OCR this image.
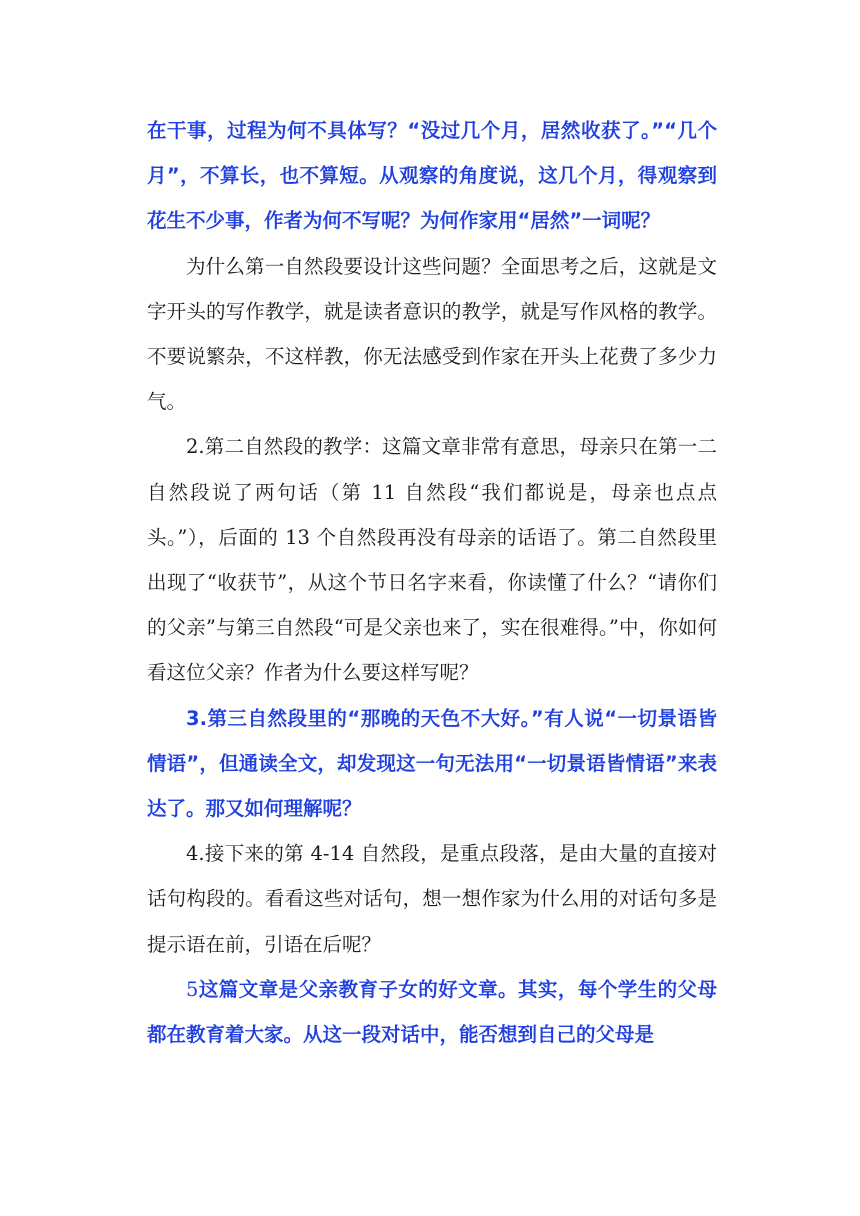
在干事，过程为何不具体写？“没过几个月，居然收获了。”“几个月”，不算长，也不算短。从观察的角度说，这几个月，得观察到花生不少事，作者为何不写呢？为何作家用“居然”一词呢？

为什么第一自然段要设计这些问题？全面思考之后，这就是文字开头的写作教学，就是读者意识的教学，就是写作风格的教学。不要说繁杂，不这样教，你无法感受到作家在开头上花费了多少力气。

2.第二自然段的教学：这篇文章非常有意思，母亲只在第一二自然段说了两句话（第 11 自然段“我们都说是，母亲也点点头。”），后面的 13 个自然段再没有母亲的话语了。第二自然段里出现了“收获节”，从这个节日名字来看，你读懂了什么？“请你们的父亲”与第三自然段“可是父亲也来了，实在很难得。”中，你如何看这位父亲？作者为什么要这样写呢？

3.第三自然段里的“那晚的天色不大好。”有人说“一切景语皆情语”，但通读全文，却发现这一句无法用“一切景语皆情语”来表达了。那又如何理解呢？

4.接下来的第 4-14 自然段，是重点段落，是由大量的直接对话句构段的。看看这些对话句，想一想作家为什么用的对话句多是提示语在前，引语在后呢？

5这篇文章是父亲教育子女的好文章。其实，每个学生的父母都在教育着大家。从这一段对话中，能否想到自己的父母是
